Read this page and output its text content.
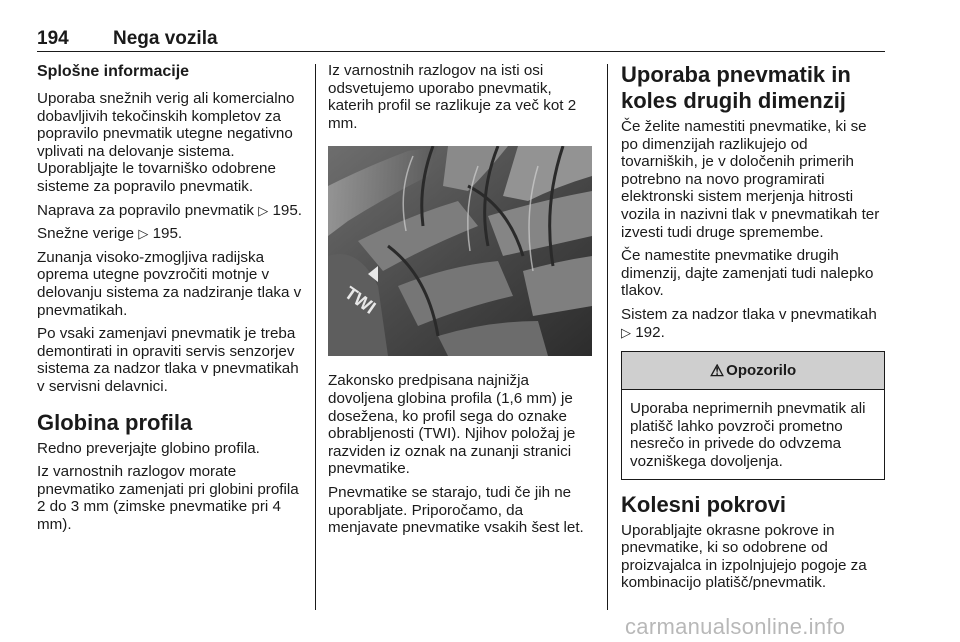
194 Nega vozila
Splošne informacije

Uporaba snežnih verig ali komercialno dobavljivih tekočinskih kompletov za popravilo pnevmatik utegne negativno vplivati na delovanje sistema. Uporabljajte le tovarniško odobrene sisteme za popravilo pnevmatik.

Naprava za popravilo pnevmatik ▷ 195.

Snežne verige ▷ 195.

Zunanja visoko-zmogljiva radijska oprema utegne povzročiti motnje v delovanju sistema za nadziranje tlaka v pnevmatikah.

Po vsaki zamenjavi pnevmatik je treba demontirati in opraviti servis senzorjev sistema za nadzor tlaka v pnevmatikah v servisni delavnici.

Globina profila

Redno preverjajte globino profila.

Iz varnostnih razlogov morate pnevmatiko zamenjati pri globini profila 2 do 3 mm (zimske pnevmatike pri 4 mm).

Iz varnostnih razlogov na isti osi odsvetujemo uporabo pnevmatik, katerih profil se razlikuje za več kot 2 mm.

TWI

Zakonsko predpisana najnižja dovoljena globina profila (1,6 mm) je dosežena, ko profil sega do oznake obrabljenosti (TWI). Njihov položaj je razviden iz oznak na zunanji stranici pnevmatike.

Pnevmatike se starajo, tudi če jih ne uporabljate. Priporočamo, da menjavate pnevmatike vsakih šest let.

Uporaba pnevmatik in koles drugih dimenzij

Če želite namestiti pnevmatike, ki se po dimenzijah razlikujejo od tovarniških, je v določenih primerih potrebno na novo programirati elektronski sistem merjenja hitrosti vozila in nazivni tlak v pnevmatikah ter izvesti tudi druge spremembe.

Če namestite pnevmatike drugih dimenzij, dajte zamenjati tudi nalepko tlakov.

Sistem za nadzor tlaka v pnevmatikah ▷ 192.

⚠ Opozorilo

Uporaba neprimernih pnevmatik ali platišč lahko povzroči prometno nesrečo in privede do odvzema vozniškega dovoljenja.

Kolesni pokrovi

Uporabljajte okrasne pokrove in pnevmatike, ki so odobrene od proizvajalca in izpolnjujejo pogoje za kombinacijo platišč/pnevmatik.

carmanualsonline.info
